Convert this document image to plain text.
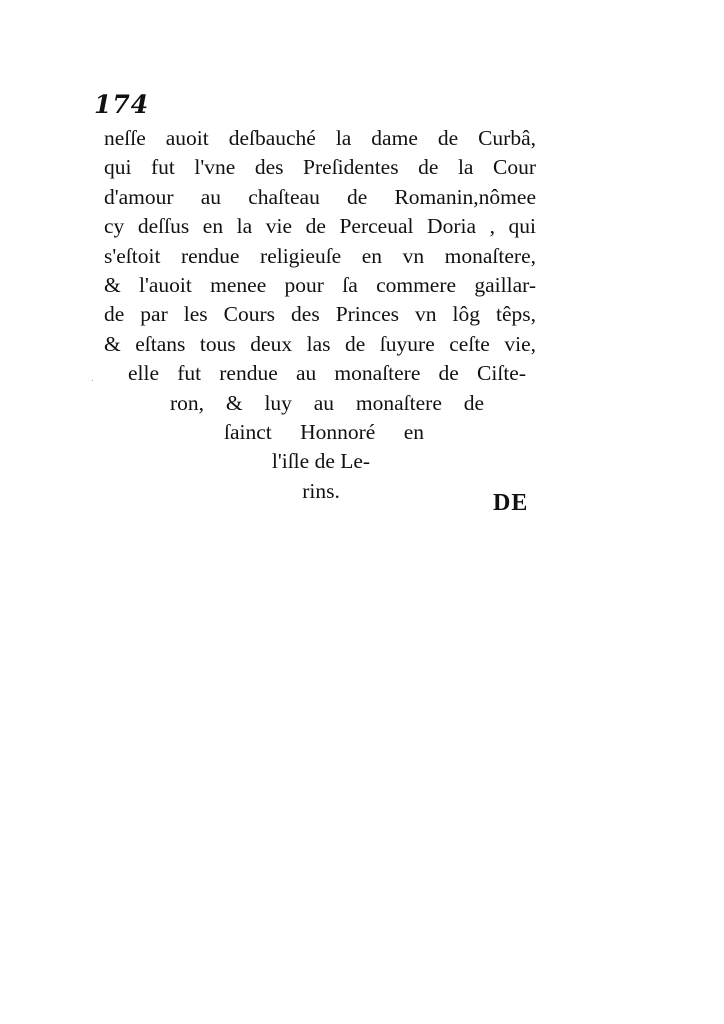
174
neſſe auoit deſbauché la dame de Curbâ,
qui fut l'vne des Preſidentes de la Cour
d'amour au chaſteau de Romanin,nômee
cy deſſus en la vie de Perceual Doria , qui
s'eſtoit rendue religieuſe en vn monaſtere,
& l'auoit menee pour ſa commere gaillar-
de par les Cours des Princes vn lôg têps,
& eſtans tous deux las de ſuyure ceſte vie,
elle fut rendue au monaſtere de Ciſte-
ron, & luy au monaſtere de
ſainct Honnoré en
l'iſle de Le-
rins.	DE
